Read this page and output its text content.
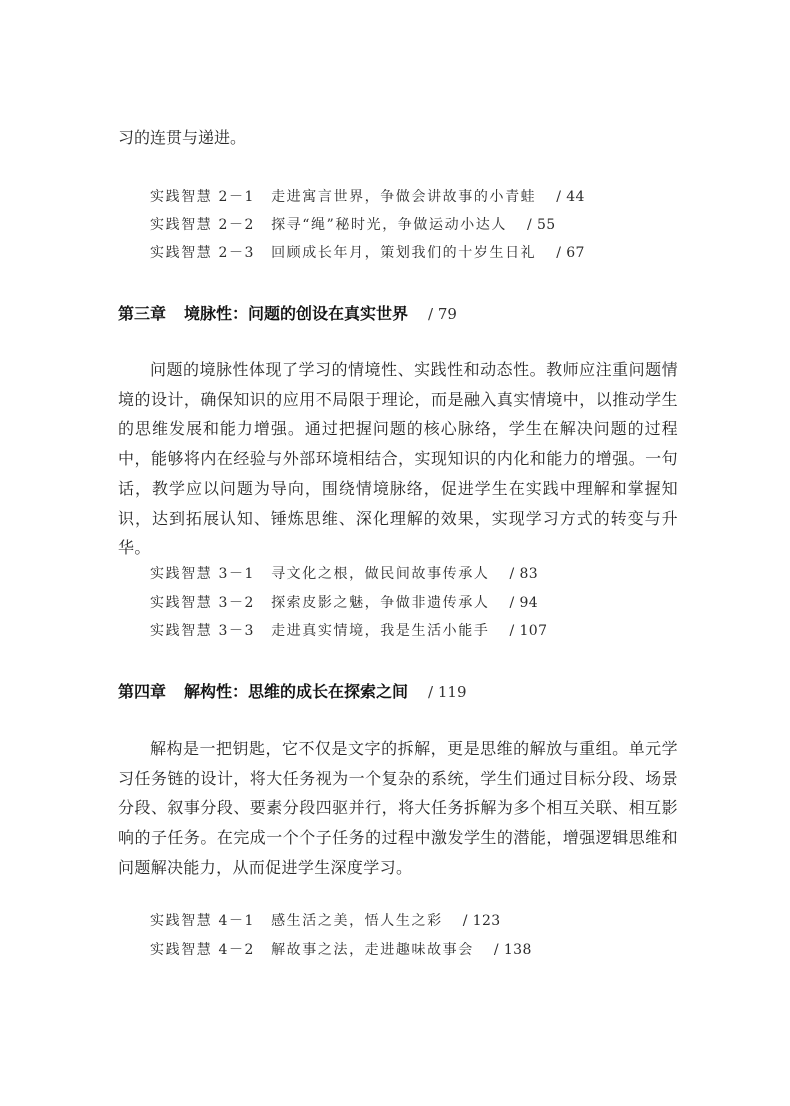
习的连贯与递进。
实践智慧 2－1 走进寓言世界，争做会讲故事的小青蛙 / 44
实践智慧 2－2 探寻“绳”秘时光，争做运动小达人 / 55
实践智慧 2－3 回顾成长年月，策划我们的十岁生日礼 / 67
第三章 境脉性：问题的创设在真实世界 / 79
问题的境脉性体现了学习的情境性、实践性和动态性。教师应注重问题情境的设计，确保知识的应用不局限于理论，而是融入真实情境中，以推动学生的思维发展和能力增强。通过把握问题的核心脉络，学生在解决问题的过程中，能够将内在经验与外部环境相结合，实现知识的内化和能力的增强。一句话，教学应以问题为导向，围绕情境脉络，促进学生在实践中理解和掌握知识，达到拓展认知、锤炼思维、深化理解的效果，实现学习方式的转变与升华。
实践智慧 3－1 寻文化之根，做民间故事传承人 / 83
实践智慧 3－2 探索皮影之魅，争做非遗传承人 / 94
实践智慧 3－3 走进真实情境，我是生活小能手 / 107
第四章 解构性：思维的成长在探索之间 / 119
解构是一把钥匙，它不仅是文字的拆解，更是思维的解放与重组。单元学习任务链的设计，将大任务视为一个复杂的系统，学生们通过目标分段、场景分段、叙事分段、要素分段四驱并行，将大任务拆解为多个相互关联、相互影响的子任务。在完成一个个子任务的过程中激发学生的潜能，增强逻辑思维和问题解决能力，从而促进学生深度学习。
实践智慧 4－1 感生活之美，悟人生之彩 / 123
实践智慧 4－2 解故事之法，走进趣味故事会 / 138
